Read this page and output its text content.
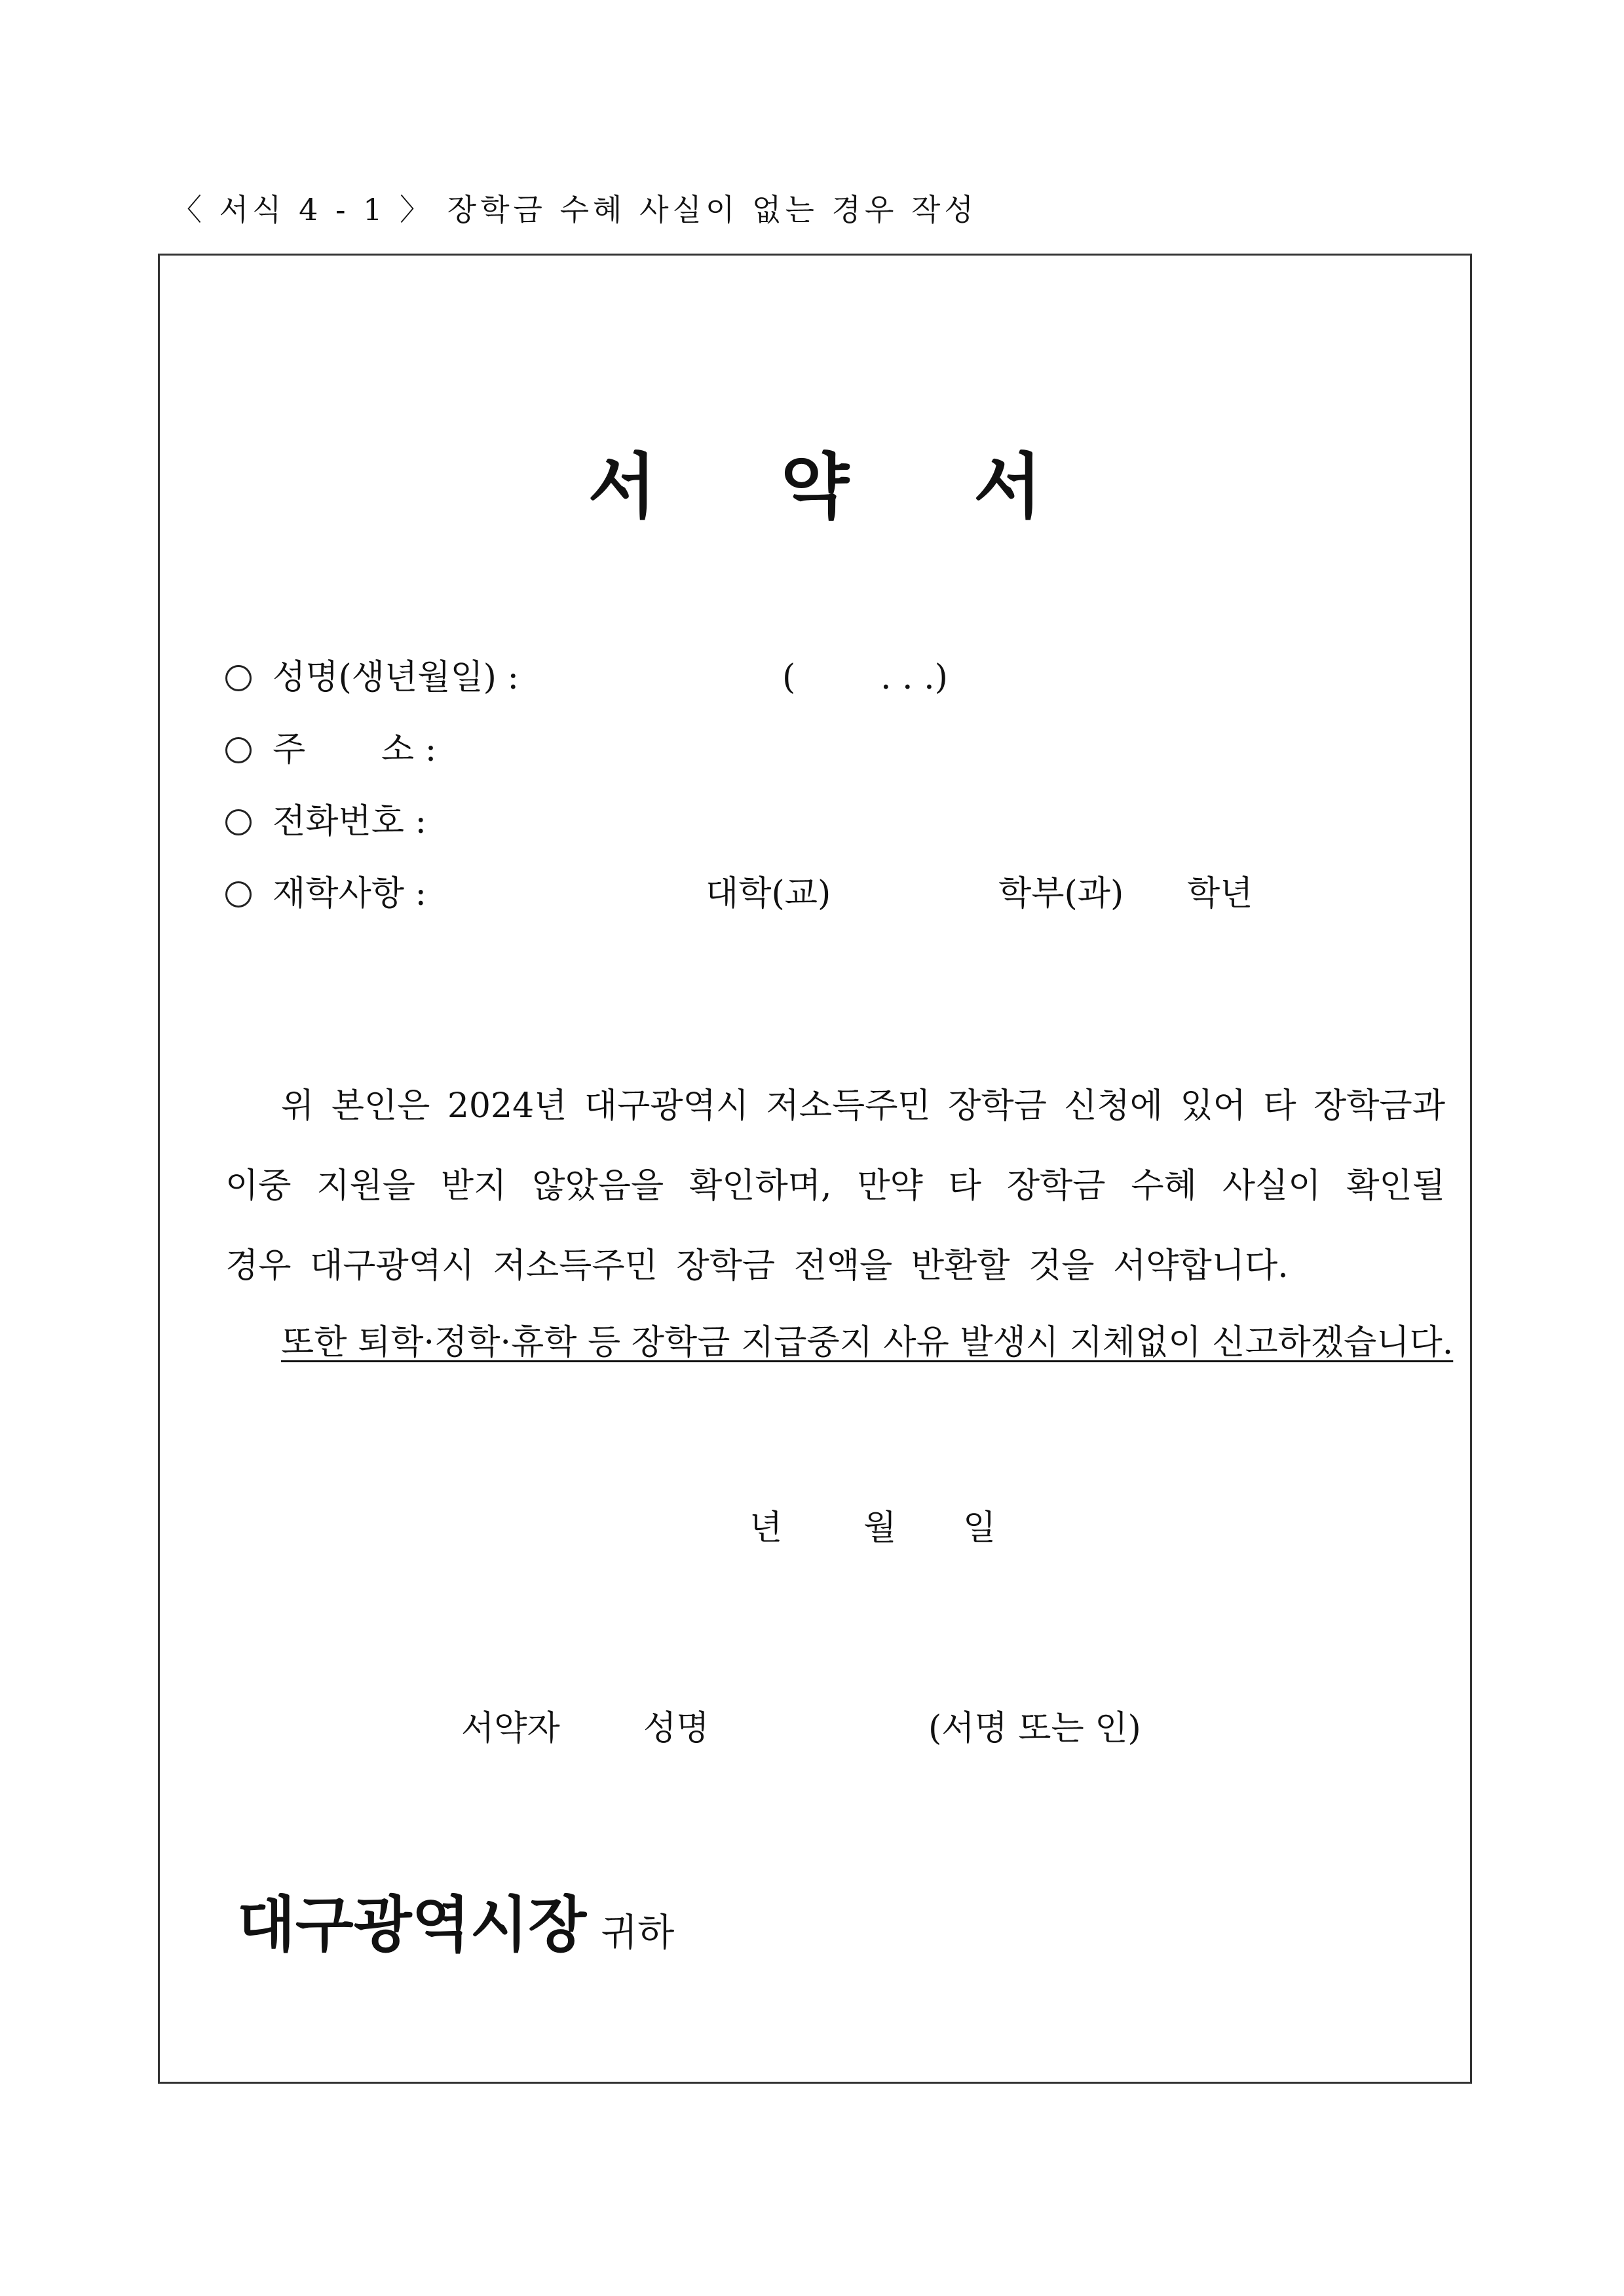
〈 서식 4 - 1 〉 장학금 수혜 사실이 없는 경우 작성
서 약 서
성명(생년월일) :	( . . .)
주       소 :
전화번호 :
재학사항 :	대학(교)	학부(과) 학년
위 본인은 2024년 대구광역시 저소득주민 장학금 신청에 있어 타 장학금과
이중 지원을 받지 않았음을 확인하며, 만약 타 장학금 수혜 사실이 확인될
경우 대구광역시 저소득주민 장학금 전액을 반환할 것을 서약합니다.
또한 퇴학·정학·휴학 등 장학금 지급중지 사유 발생시 지체없이 신고하겠습니다.
년 월 일
서약자 성명	(서명 또는 인)
대구광역시장 귀하
